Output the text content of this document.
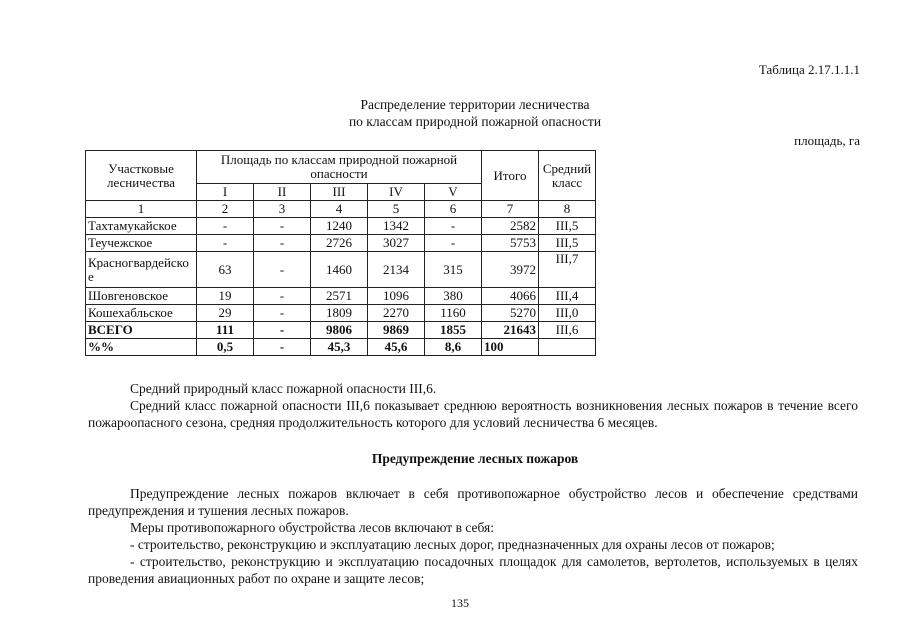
Таблица 2.17.1.1.1
Распределение территории лесничества
по классам природной пожарной опасности
площадь, га
Участковые лесничества	Площадь по классам природной пожарной опасности					Итого	Средний класс
	I	II	III	IV	V		
1	2	3	4	5	6	7	8
Тахтамукайское	-	-	1240	1342	-	2582	III,5
Теучежское	-	-	2726	3027	-	5753	III,5
Красногвардейское	63	-	1460	2134	315	3972	III,7
Шовгеновское	19	-	2571	1096	380	4066	III,4
Кошехабльское	29	-	1809	2270	1160	5270	III,0
ВСЕГО	111	-	9806	9869	1855	21643	III,6
%%	0,5	-	45,3	45,6	8,6	100	
Средний природный класс пожарной опасности III,6.
Средний класс пожарной опасности III,6 показывает среднюю вероятность возникновения лесных пожаров в течение всего пожароопасного сезона, средняя продолжительность которого для условий лесничества 6 месяцев.
Предупреждение лесных пожаров
Предупреждение лесных пожаров включает в себя противопожарное обустройство лесов и обеспечение средствами предупреждения и тушения лесных пожаров.
Меры противопожарного обустройства лесов включают в себя:
- строительство, реконструкцию и эксплуатацию лесных дорог, предназначенных для охраны лесов от пожаров;
- строительство, реконструкцию и эксплуатацию посадочных площадок для самолетов, вертолетов, используемых в целях проведения авиационных работ по охране и защите лесов;
135
